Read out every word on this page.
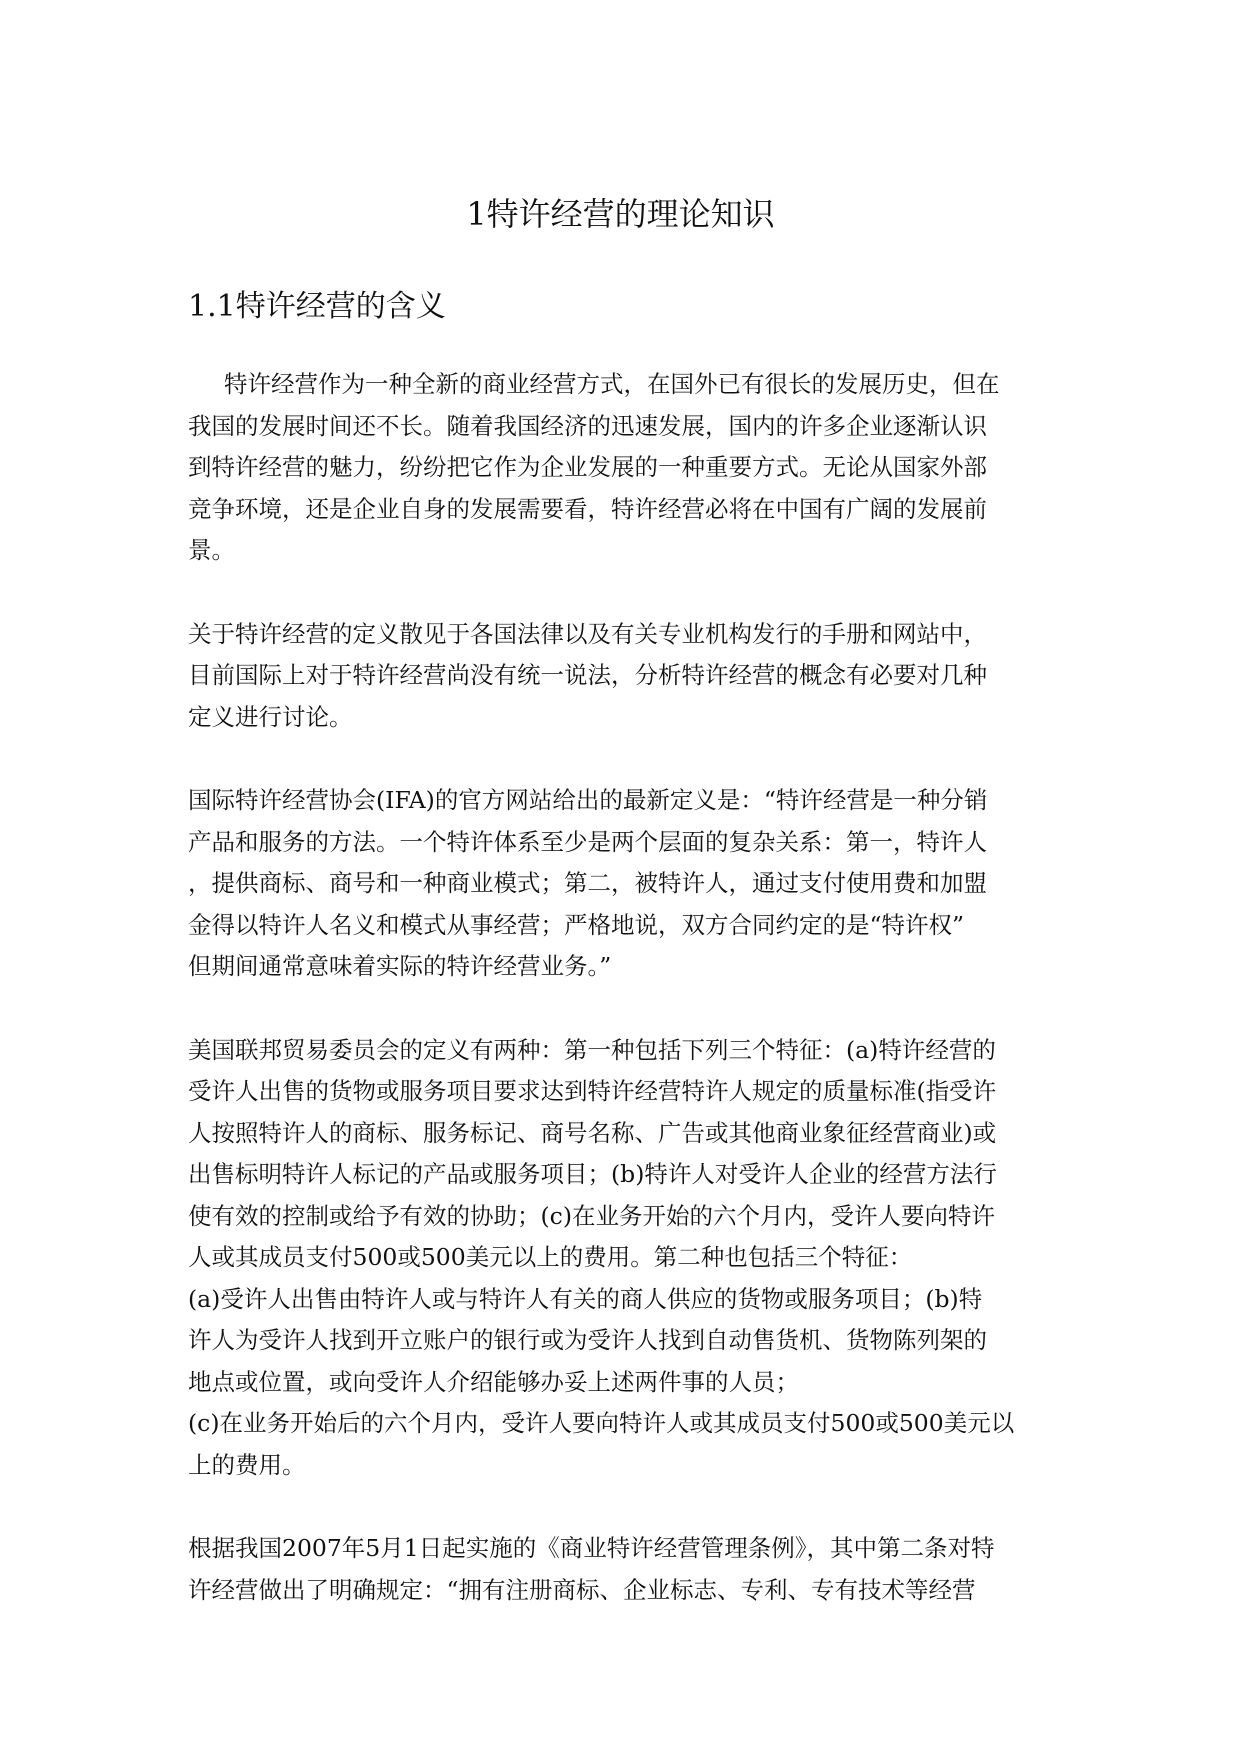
1特许经营的理论知识
1.1特许经营的含义

特许经营作为一种全新的商业经营方式，在国外已有很长的发展历史，但在
我国的发展时间还不长。随着我国经济的迅速发展，国内的许多企业逐渐认识
到特许经营的魅力，纷纷把它作为企业发展的一种重要方式。无论从国家外部
竞争环境，还是企业自身的发展需要看，特许经营必将在中国有广阔的发展前
景。

关于特许经营的定义散见于各国法律以及有关专业机构发行的手册和网站中，
目前国际上对于特许经营尚没有统一说法，分析特许经营的概念有必要对几种
定义进行讨论。

国际特许经营协会(IFA)的官方网站给出的最新定义是：“特许经营是一种分销
产品和服务的方法。一个特许体系至少是两个层面的复杂关系：第一，特许人
，提供商标、商号和一种商业模式；第二，被特许人，通过支付使用费和加盟
金得以特许人名义和模式从事经营；严格地说，双方合同约定的是“特许权”
但期间通常意味着实际的特许经营业务。”

美国联邦贸易委员会的定义有两种：第一种包括下列三个特征：(a)特许经营的
受许人出售的货物或服务项目要求达到特许经营特许人规定的质量标准(指受许
人按照特许人的商标、服务标记、商号名称、广告或其他商业象征经营商业)或
出售标明特许人标记的产品或服务项目；(b)特许人对受许人企业的经营方法行
使有效的控制或给予有效的协助；(c)在业务开始的六个月内，受许人要向特许
人或其成员支付500或500美元以上的费用。第二种也包括三个特征：
(a)受许人出售由特许人或与特许人有关的商人供应的货物或服务项目；(b)特
许人为受许人找到开立账户的银行或为受许人找到自动售货机、货物陈列架的
地点或位置，或向受许人介绍能够办妥上述两件事的人员；
(c)在业务开始后的六个月内，受许人要向特许人或其成员支付500或500美元以
上的费用。

根据我国2007年5月1日起实施的《商业特许经营管理条例》，其中第二条对特
许经营做出了明确规定：“拥有注册商标、企业标志、专利、专有技术等经营
